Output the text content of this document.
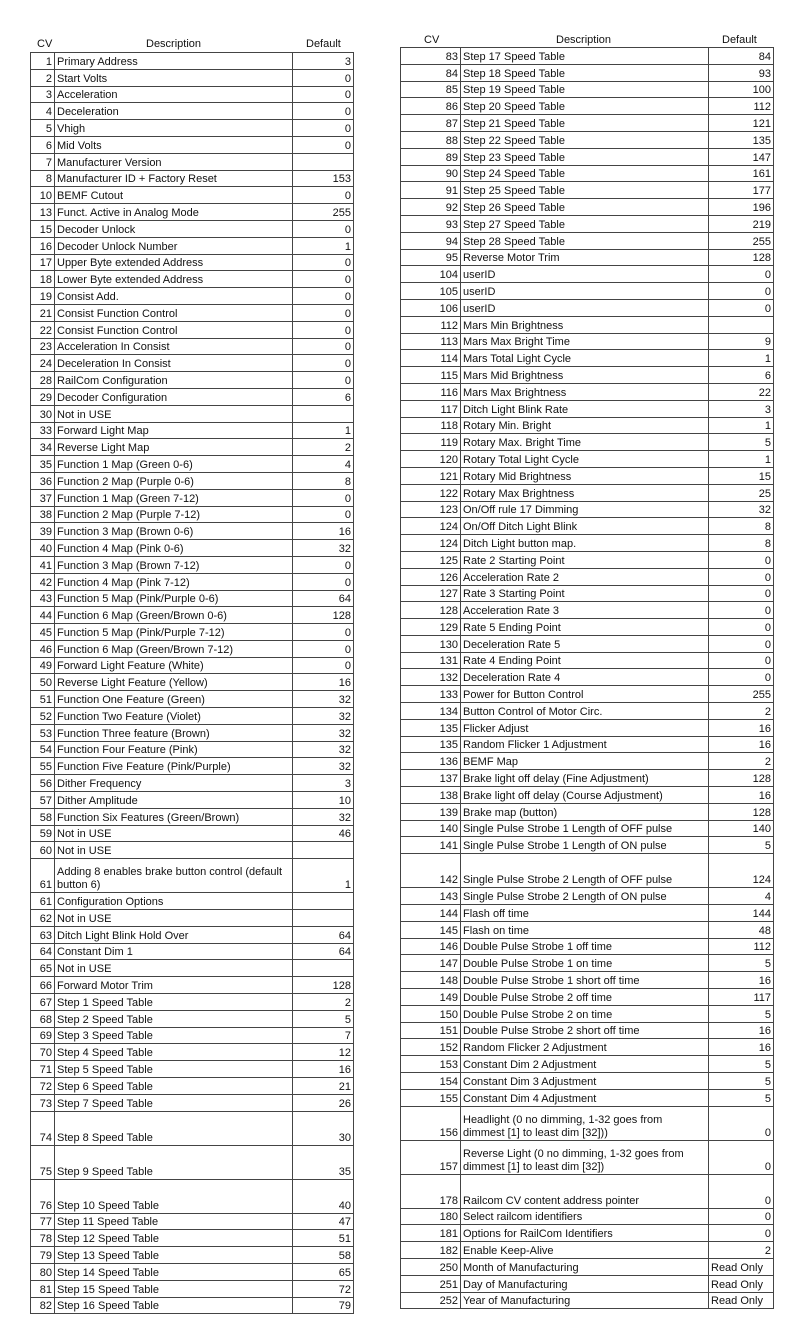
CV	Description	Default
1	Primary Address	3
2	Start Volts	0
3	Acceleration	0
4	Deceleration	0
5	Vhigh	0
6	Mid Volts	0
7	Manufacturer Version	
8	Manufacturer ID + Factory Reset	153
10	BEMF Cutout	0
13	Funct. Active in Analog Mode	255
15	Decoder Unlock	0
16	Decoder Unlock Number	1
17	Upper Byte extended Address	0
18	Lower Byte extended Address	0
19	Consist Add.	0
21	Consist Function Control	0
22	Consist Function Control	0
23	Acceleration In Consist	0
24	Deceleration In Consist	0
28	RailCom Configuration	0
29	Decoder Configuration	6
30	Not in USE	
33	Forward Light Map	1
34	Reverse Light Map	2
35	Function 1 Map (Green 0-6)	4
36	Function 2 Map (Purple 0-6)	8
37	Function 1 Map (Green 7-12)	0
38	Function 2 Map (Purple 7-12)	0
39	Function 3 Map (Brown 0-6)	16
40	Function 4 Map (Pink 0-6)	32
41	Function 3 Map (Brown 7-12)	0
42	Function 4 Map (Pink 7-12)	0
43	Function 5 Map (Pink/Purple 0-6)	64
44	Function 6 Map (Green/Brown 0-6)	128
45	Function 5 Map (Pink/Purple 7-12)	0
46	Function 6 Map (Green/Brown 7-12)	0
49	Forward Light Feature (White)	0
50	Reverse Light Feature (Yellow)	16
51	Function One Feature (Green)	32
52	Function Two Feature (Violet)	32
53	Function Three feature (Brown)	32
54	Function Four Feature (Pink)	32
55	Function Five Feature (Pink/Purple)	32
56	Dither Frequency	3
57	Dither Amplitude	10
58	Function Six Features (Green/Brown)	32
59	Not in USE	46
60	Not in USE	
61	Adding 8 enables brake button control (default button 6)	1
61	Configuration Options	
62	Not in USE	
63	Ditch Light Blink Hold Over	64
64	Constant Dim 1	64
65	Not in USE	
66	Forward Motor Trim	128
67	Step 1 Speed Table	2
68	Step 2 Speed Table	5
69	Step 3 Speed Table	7
70	Step 4 Speed Table	12
71	Step 5 Speed Table	16
72	Step 6 Speed Table	21
73	Step 7 Speed Table	26
74	Step 8 Speed Table	30
75	Step 9 Speed Table	35
76	Step 10 Speed Table	40
77	Step 11 Speed Table	47
78	Step 12 Speed Table	51
79	Step 13 Speed Table	58
80	Step 14 Speed Table	65
81	Step 15 Speed Table	72
82	Step 16 Speed Table	79
CV	Description	Default
83	Step 17 Speed Table	84
84	Step 18 Speed Table	93
85	Step 19 Speed Table	100
86	Step 20 Speed Table	112
87	Step 21 Speed Table	121
88	Step 22 Speed Table	135
89	Step 23 Speed Table	147
90	Step 24 Speed Table	161
91	Step 25 Speed Table	177
92	Step 26 Speed Table	196
93	Step 27 Speed Table	219
94	Step 28 Speed Table	255
95	Reverse Motor Trim	128
104	userID	0
105	userID	0
106	userID	0
112	Mars Min Brightness	
113	Mars Max Bright Time	9
114	Mars Total Light Cycle	1
115	Mars Mid Brightness	6
116	Mars Max Brightness	22
117	Ditch Light Blink Rate	3
118	Rotary Min. Bright	1
119	Rotary Max. Bright Time	5
120	Rotary Total Light Cycle	1
121	Rotary Mid Brightness	15
122	Rotary Max Brightness	25
123	On/Off rule 17 Dimming	32
124	On/Off Ditch Light Blink	8
124	Ditch Light button map.	8
125	Rate 2 Starting Point	0
126	Acceleration Rate 2	0
127	Rate 3 Starting Point	0
128	Acceleration Rate 3	0
129	Rate 5 Ending Point	0
130	Deceleration Rate 5	0
131	Rate 4 Ending Point	0
132	Deceleration Rate 4	0
133	Power for Button Control	255
134	Button Control of Motor Circ.	2
135	Flicker Adjust	16
135	Random Flicker 1 Adjustment	16
136	BEMF Map	2
137	Brake light off delay (Fine Adjustment)	128
138	Brake light off delay (Course Adjustment)	16
139	Brake map (button)	128
140	Single Pulse Strobe 1 Length of OFF pulse	140
141	Single Pulse Strobe 1 Length of ON pulse	5
142	Single Pulse Strobe 2 Length of OFF pulse	124
143	Single Pulse Strobe 2 Length of ON pulse	4
144	Flash off time	144
145	Flash on time	48
146	Double Pulse Strobe 1 off time	112
147	Double Pulse Strobe 1 on time	5
148	Double Pulse Strobe 1 short off time	16
149	Double Pulse Strobe 2 off time	117
150	Double Pulse Strobe 2 on time	5
151	Double Pulse Strobe 2 short off time	16
152	Random Flicker 2 Adjustment	16
153	Constant Dim 2 Adjustment	5
154	Constant Dim 3 Adjustment	5
155	Constant Dim 4 Adjustment	5
156	Headlight (0 no dimming, 1-32 goes from dimmest [1] to least dim [32]))	0
157	Reverse Light (0 no dimming, 1-32 goes from dimmest [1] to least dim [32])	0
178	Railcom CV content address pointer	0
180	Select railcom identifiers	0
181	Options for RailCom Identifiers	0
182	Enable Keep-Alive	2
250	Month of Manufacturing	Read Only
251	Day of Manufacturing	Read Only
252	Year of Manufacturing	Read Only
